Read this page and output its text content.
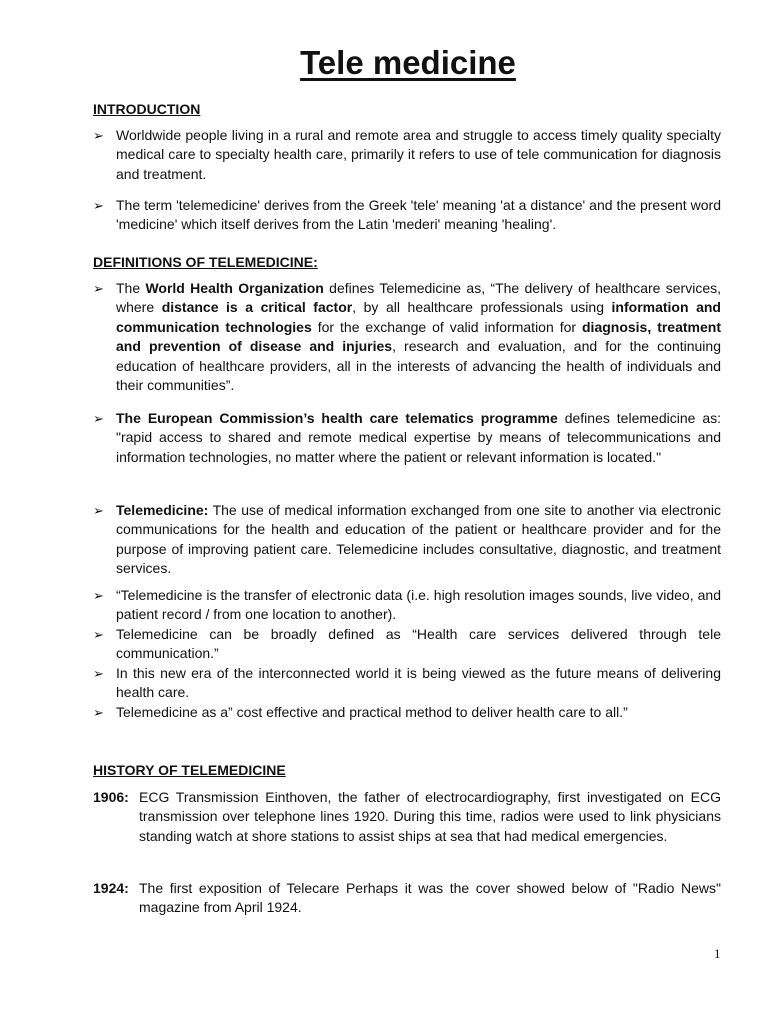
Tele medicine
INTRODUCTION
➢ Worldwide people living in a rural and remote area and struggle to access timely quality specialty medical care to specialty health care, primarily it refers to use of tele communication for diagnosis and treatment.
➢ The term 'telemedicine' derives from the Greek 'tele' meaning 'at a distance' and the present word 'medicine' which itself derives from the Latin 'mederi' meaning 'healing'.
DEFINITIONS OF TELEMEDICINE:
➢ The World Health Organization defines Telemedicine as, “The delivery of healthcare services, where distance is a critical factor, by all healthcare professionals using information and communication technologies for the exchange of valid information for diagnosis, treatment and prevention of disease and injuries, research and evaluation, and for the continuing education of healthcare providers, all in the interests of advancing the health of individuals and their communities”.
➢ The European Commission’s health care telematics programme defines telemedicine as: "rapid access to shared and remote medical expertise by means of telecommunications and information technologies, no matter where the patient or relevant information is located."
➢ Telemedicine: The use of medical information exchanged from one site to another via electronic communications for the health and education of the patient or healthcare provider and for the purpose of improving patient care. Telemedicine includes consultative, diagnostic, and treatment services.
➢ “Telemedicine is the transfer of electronic data (i.e. high resolution images sounds, live video, and patient record / from one location to another).
➢ Telemedicine can be broadly defined as “Health care services delivered through tele communication.”
➢ In this new era of the interconnected world it is being viewed as the future means of delivering health care.
➢ Telemedicine as a” cost effective and practical method to deliver health care to all.”
HISTORY OF TELEMEDICINE
1906: ECG Transmission Einthoven, the father of electrocardiography, first investigated on ECG transmission over telephone lines 1920. During this time, radios were used to link physicians standing watch at shore stations to assist ships at sea that had medical emergencies.
1924: The first exposition of Telecare Perhaps it was the cover showed below of "Radio News" magazine from April 1924.
1
